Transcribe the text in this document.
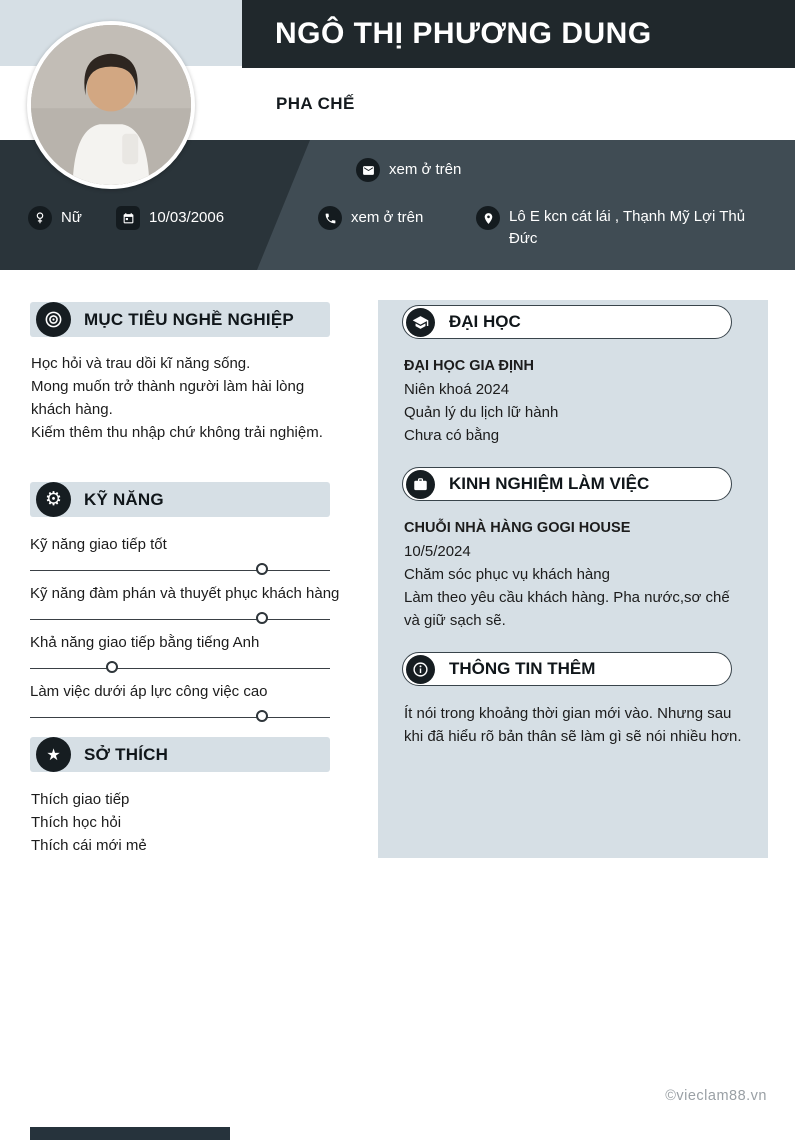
NGÔ THỊ PHƯƠNG DUNG
PHA CHẾ
xem ở trên
Nữ	10/03/2006	xem ở trên	Lô E kcn cát lái , Thạnh Mỹ Lợi Thủ Đức
MỤC TIÊU NGHỀ NGHIỆP
Học hỏi và trau dồi kĩ năng sống.
Mong muốn trở thành người làm hài lòng khách hàng.
Kiếm thêm thu nhập chứ không trải nghiệm.
⚙	KỸ NĂNG
Kỹ năng giao tiếp tốt
Kỹ năng đàm phán và thuyết phục khách hàng
Khả năng giao tiếp bằng tiếng Anh
Làm việc dưới áp lực công việc cao
★	SỞ THÍCH
Thích giao tiếp
Thích học hỏi
Thích cái mới mẻ
ĐẠI HỌC
ĐẠI HỌC GIA ĐỊNH
Niên khoá 2024
Quản lý du lịch lữ hành
Chưa có bằng
KINH NGHIỆM LÀM VIỆC
CHUỖI NHÀ HÀNG GOGI HOUSE
10/5/2024
Chăm sóc phục vụ khách hàng
Làm theo yêu cầu khách hàng. Pha nước,sơ chế và giữ sạch sẽ.
THÔNG TIN THÊM
Ít nói trong khoảng thời gian mới vào. Nhưng sau khi đã hiểu rõ bản thân sẽ làm gì sẽ nói nhiều hơn.
©vieclam88.vn
